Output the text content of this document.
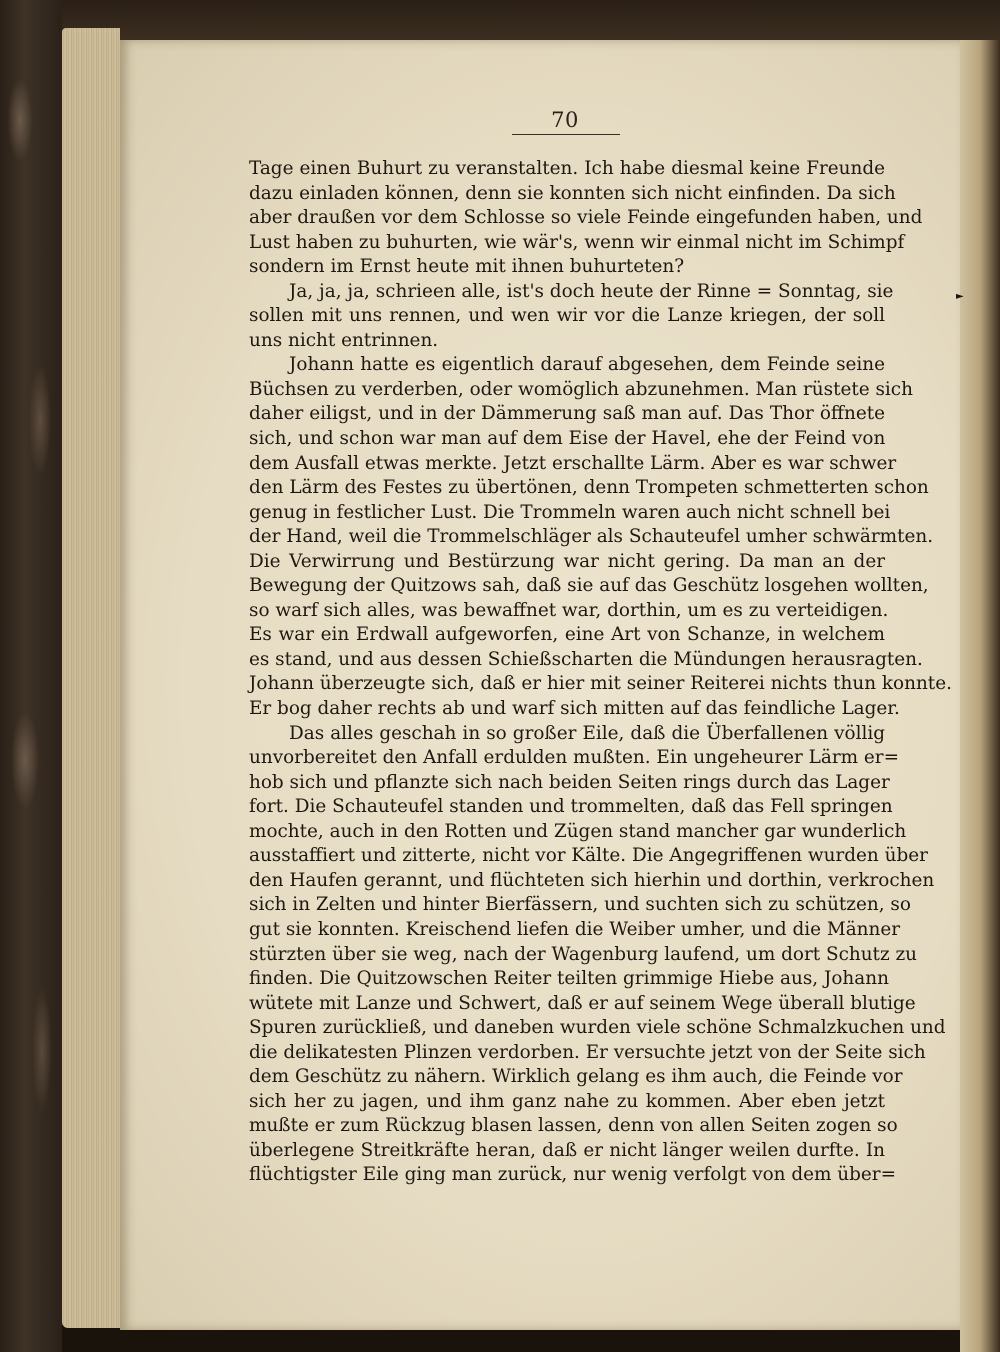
70
►
Tage einen Buhurt zu veranstalten. Ich habe diesmal keine Freunde
dazu einladen können, denn sie konnten sich nicht einfinden. Da sich
aber draußen vor dem Schlosse so viele Feinde eingefunden haben, und
Lust haben zu buhurten, wie wär's, wenn wir einmal nicht im Schimpf
sondern im Ernst heute mit ihnen buhurteten?
Ja, ja, ja, schrieen alle, ist's doch heute der Rinne = Sonntag, sie
sollen mit uns rennen, und wen wir vor die Lanze kriegen, der soll
uns nicht entrinnen.
Johann hatte es eigentlich darauf abgesehen, dem Feinde seine
Büchsen zu verderben, oder womöglich abzunehmen. Man rüstete sich
daher eiligst, und in der Dämmerung saß man auf. Das Thor öffnete
sich, und schon war man auf dem Eise der Havel, ehe der Feind von
dem Ausfall etwas merkte. Jetzt erschallte Lärm. Aber es war schwer
den Lärm des Festes zu übertönen, denn Trompeten schmetterten schon
genug in festlicher Lust. Die Trommeln waren auch nicht schnell bei
der Hand, weil die Trommelschläger als Schauteufel umher schwärmten.
Die Verwirrung und Bestürzung war nicht gering. Da man an der
Bewegung der Quitzows sah, daß sie auf das Geschütz losgehen wollten,
so warf sich alles, was bewaffnet war, dorthin, um es zu verteidigen.
Es war ein Erdwall aufgeworfen, eine Art von Schanze, in welchem
es stand, und aus dessen Schießscharten die Mündungen herausragten.
Johann überzeugte sich, daß er hier mit seiner Reiterei nichts thun konnte.
Er bog daher rechts ab und warf sich mitten auf das feindliche Lager.
Das alles geschah in so großer Eile, daß die Überfallenen völlig
unvorbereitet den Anfall erdulden mußten. Ein ungeheurer Lärm er=
hob sich und pflanzte sich nach beiden Seiten rings durch das Lager
fort. Die Schauteufel standen und trommelten, daß das Fell springen
mochte, auch in den Rotten und Zügen stand mancher gar wunderlich
ausstaffiert und zitterte, nicht vor Kälte. Die Angegriffenen wurden über
den Haufen gerannt, und flüchteten sich hierhin und dorthin, verkrochen
sich in Zelten und hinter Bierfässern, und suchten sich zu schützen, so
gut sie konnten. Kreischend liefen die Weiber umher, und die Männer
stürzten über sie weg, nach der Wagenburg laufend, um dort Schutz zu
finden. Die Quitzowschen Reiter teilten grimmige Hiebe aus, Johann
wütete mit Lanze und Schwert, daß er auf seinem Wege überall blutige
Spuren zurückließ, und daneben wurden viele schöne Schmalzkuchen und
die delikatesten Plinzen verdorben. Er versuchte jetzt von der Seite sich
dem Geschütz zu nähern. Wirklich gelang es ihm auch, die Feinde vor
sich her zu jagen, und ihm ganz nahe zu kommen. Aber eben jetzt
mußte er zum Rückzug blasen lassen, denn von allen Seiten zogen so
überlegene Streitkräfte heran, daß er nicht länger weilen durfte. In
flüchtigster Eile ging man zurück, nur wenig verfolgt von dem über=
